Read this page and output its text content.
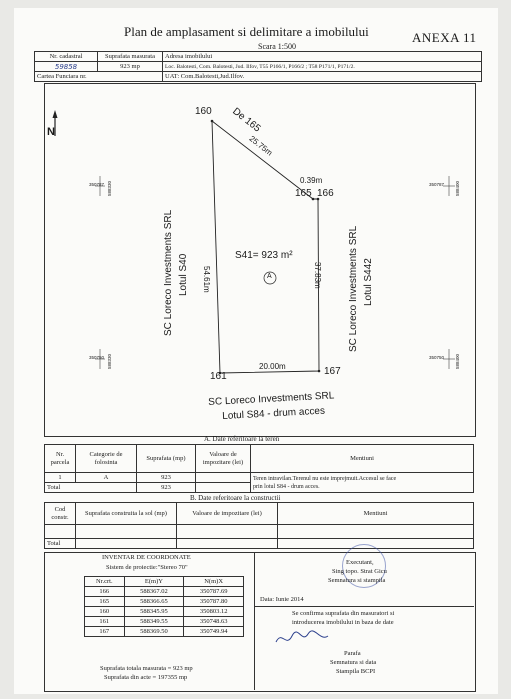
Plan de amplasament si delimitare a imobilului
Scara 1:500
ANEXA 11
Nr. cadastral	Suprafata masurata	Adresa imobilului
59858	923 mp	Loc. Balotesti, Com. Balotesti, Jud. Ilfov, T55 P166/1, P166/2 ; T58 P171/1, P171/2.
Cartea Funciara nr.		UAT: Com.Balotesti,Jud.Ilfov.
N
160
165 166
161	167
De 165
25.75m
0.39m
54.61m	37.83m
20.00m
S41= 923 m²
A
SC Loreco Investments SRL Lotul S40	SC Loreco Investments SRL Lotul S442
SC Loreco Investments SRL
Lotul S84 - drum acces
350787
350750
588330
588330
588400
588400
350787
350750
A. Date referitoare la teren
Nr. parcela	Categorie de folosinta	Suprafata (mp)	Valoare de impozitare (lei)	Mentiuni
1	A	923		Teren intravilan.Terenul nu este imprejmuit.Accesul se face
prin lotul S84 - drum acces.

Total		923		
B. Date referitoare la constructii
Cod constr.	Suprafata construita la sol (mp)	Valoare de impozitare (lei)	Mentiuni

Total			
INVENTAR DE COORDONATE
Sistem de proiectie:"Stereo 70"
Nr.crt.	E(m)Y	N(m)X
166	588367.02	350787.69
165	588366.65	350787.80
160	588345.95	350803.12
161	588349.55	350748.63
167	588369.50	350749.94
Suprafata totala masurata = 923 mp
Suprafata din acte = 197355 mp
Executant,
Sing topo. Strat Gicu
Semnatura si stampila
Data: Iunie 2014
Se confirma suprafata din masuratori si
introducerea imobilului in baza de date
Parafa
Semnatura si data
Stampila BCPI
